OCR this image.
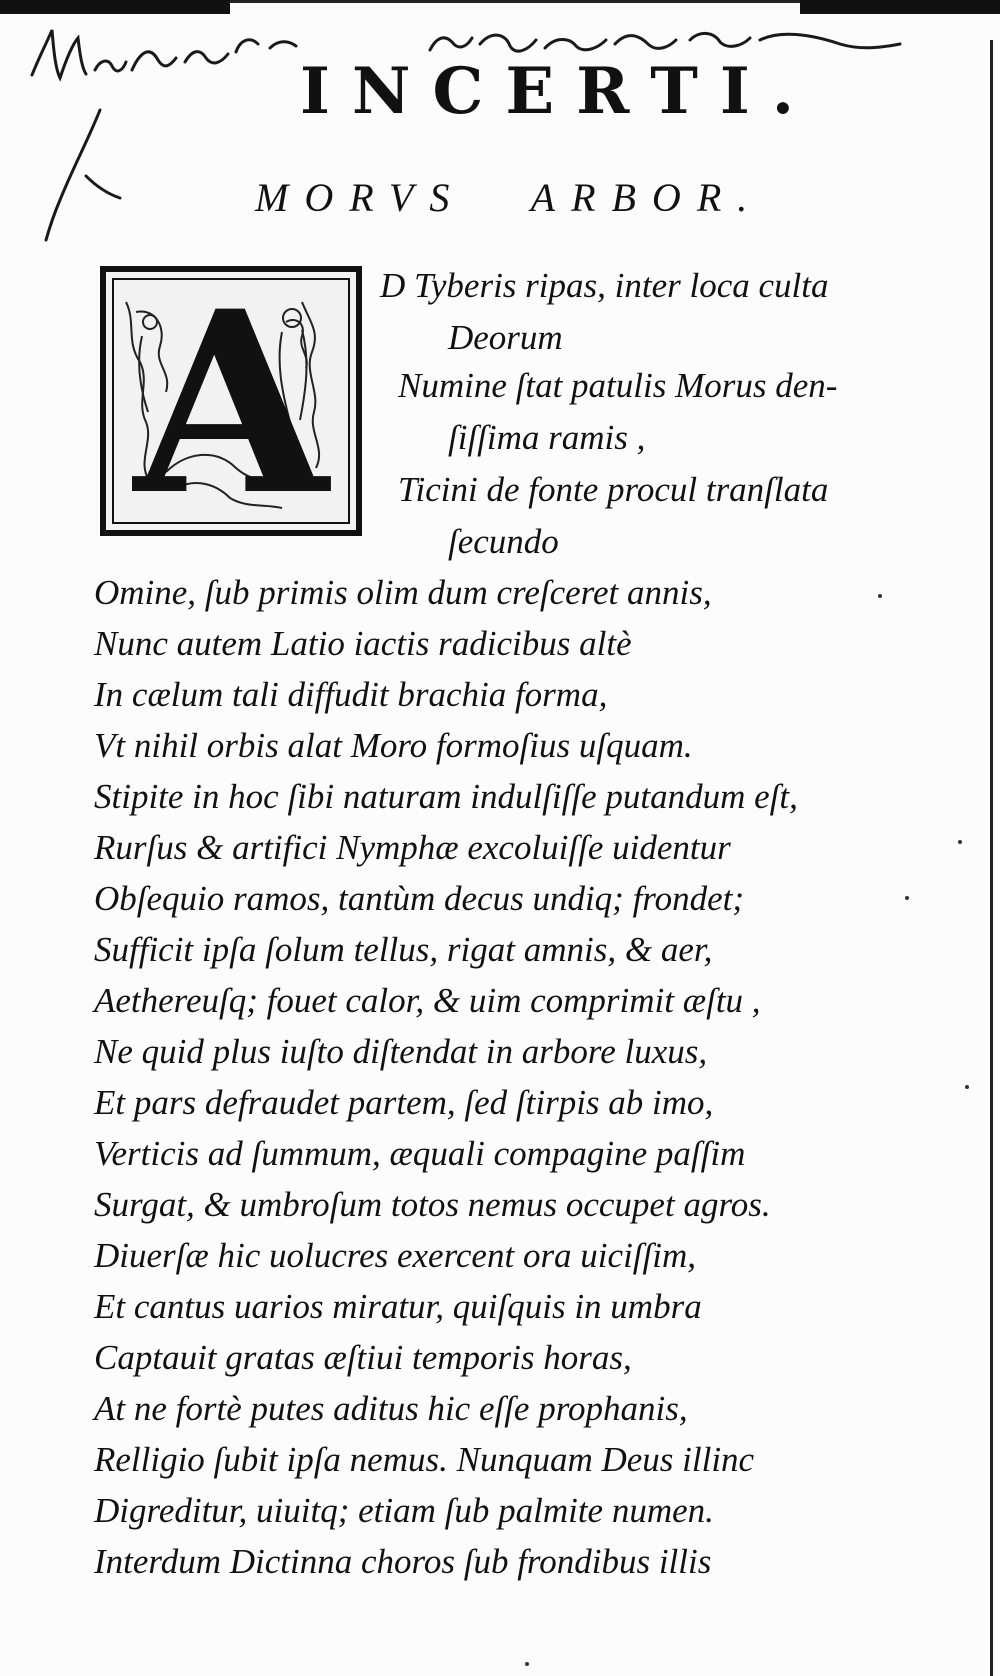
INCERTI.
MORVS ARBOR.
A	D Tyberis ripas, inter loca culta
Deorum
Numine ſtat patulis Morus den-
ſiſſima ramis ,
Ticini de fonte procul tranſlata
ſecundo
Omine, ſub primis olim dum creſceret annis,
Nunc autem Latio iactis radicibus altè
In cælum tali diffudit brachia forma,
Vt nihil orbis alat Moro formoſius uſquam.
Stipite in hoc ſibi naturam indulſiſſe putandum eſt,
Rurſus & artifici Nymphæ excoluiſſe uidentur
Obſequio ramos, tantùm decus undiq; frondet;
Sufficit ipſa ſolum tellus, rigat amnis, & aer,
Aethereuſq; fouet calor, & uim comprimit æſtu ,
Ne quid plus iuſto diſtendat in arbore luxus,
Et pars defraudet partem, ſed ſtirpis ab imo,
Verticis ad ſummum, æquali compagine paſſim
Surgat, & umbroſum totos nemus occupet agros.
Diuerſæ hic uolucres exercent ora uiciſſim,
Et cantus uarios miratur, quiſquis in umbra
Captauit gratas æſtiui temporis horas,
At ne fortè putes aditus hic eſſe prophanis,
Relligio ſubit ipſa nemus. Nunquam Deus illinc
Digreditur, uiuitq; etiam ſub palmite numen.
Interdum Dictinna choros ſub frondibus illis
